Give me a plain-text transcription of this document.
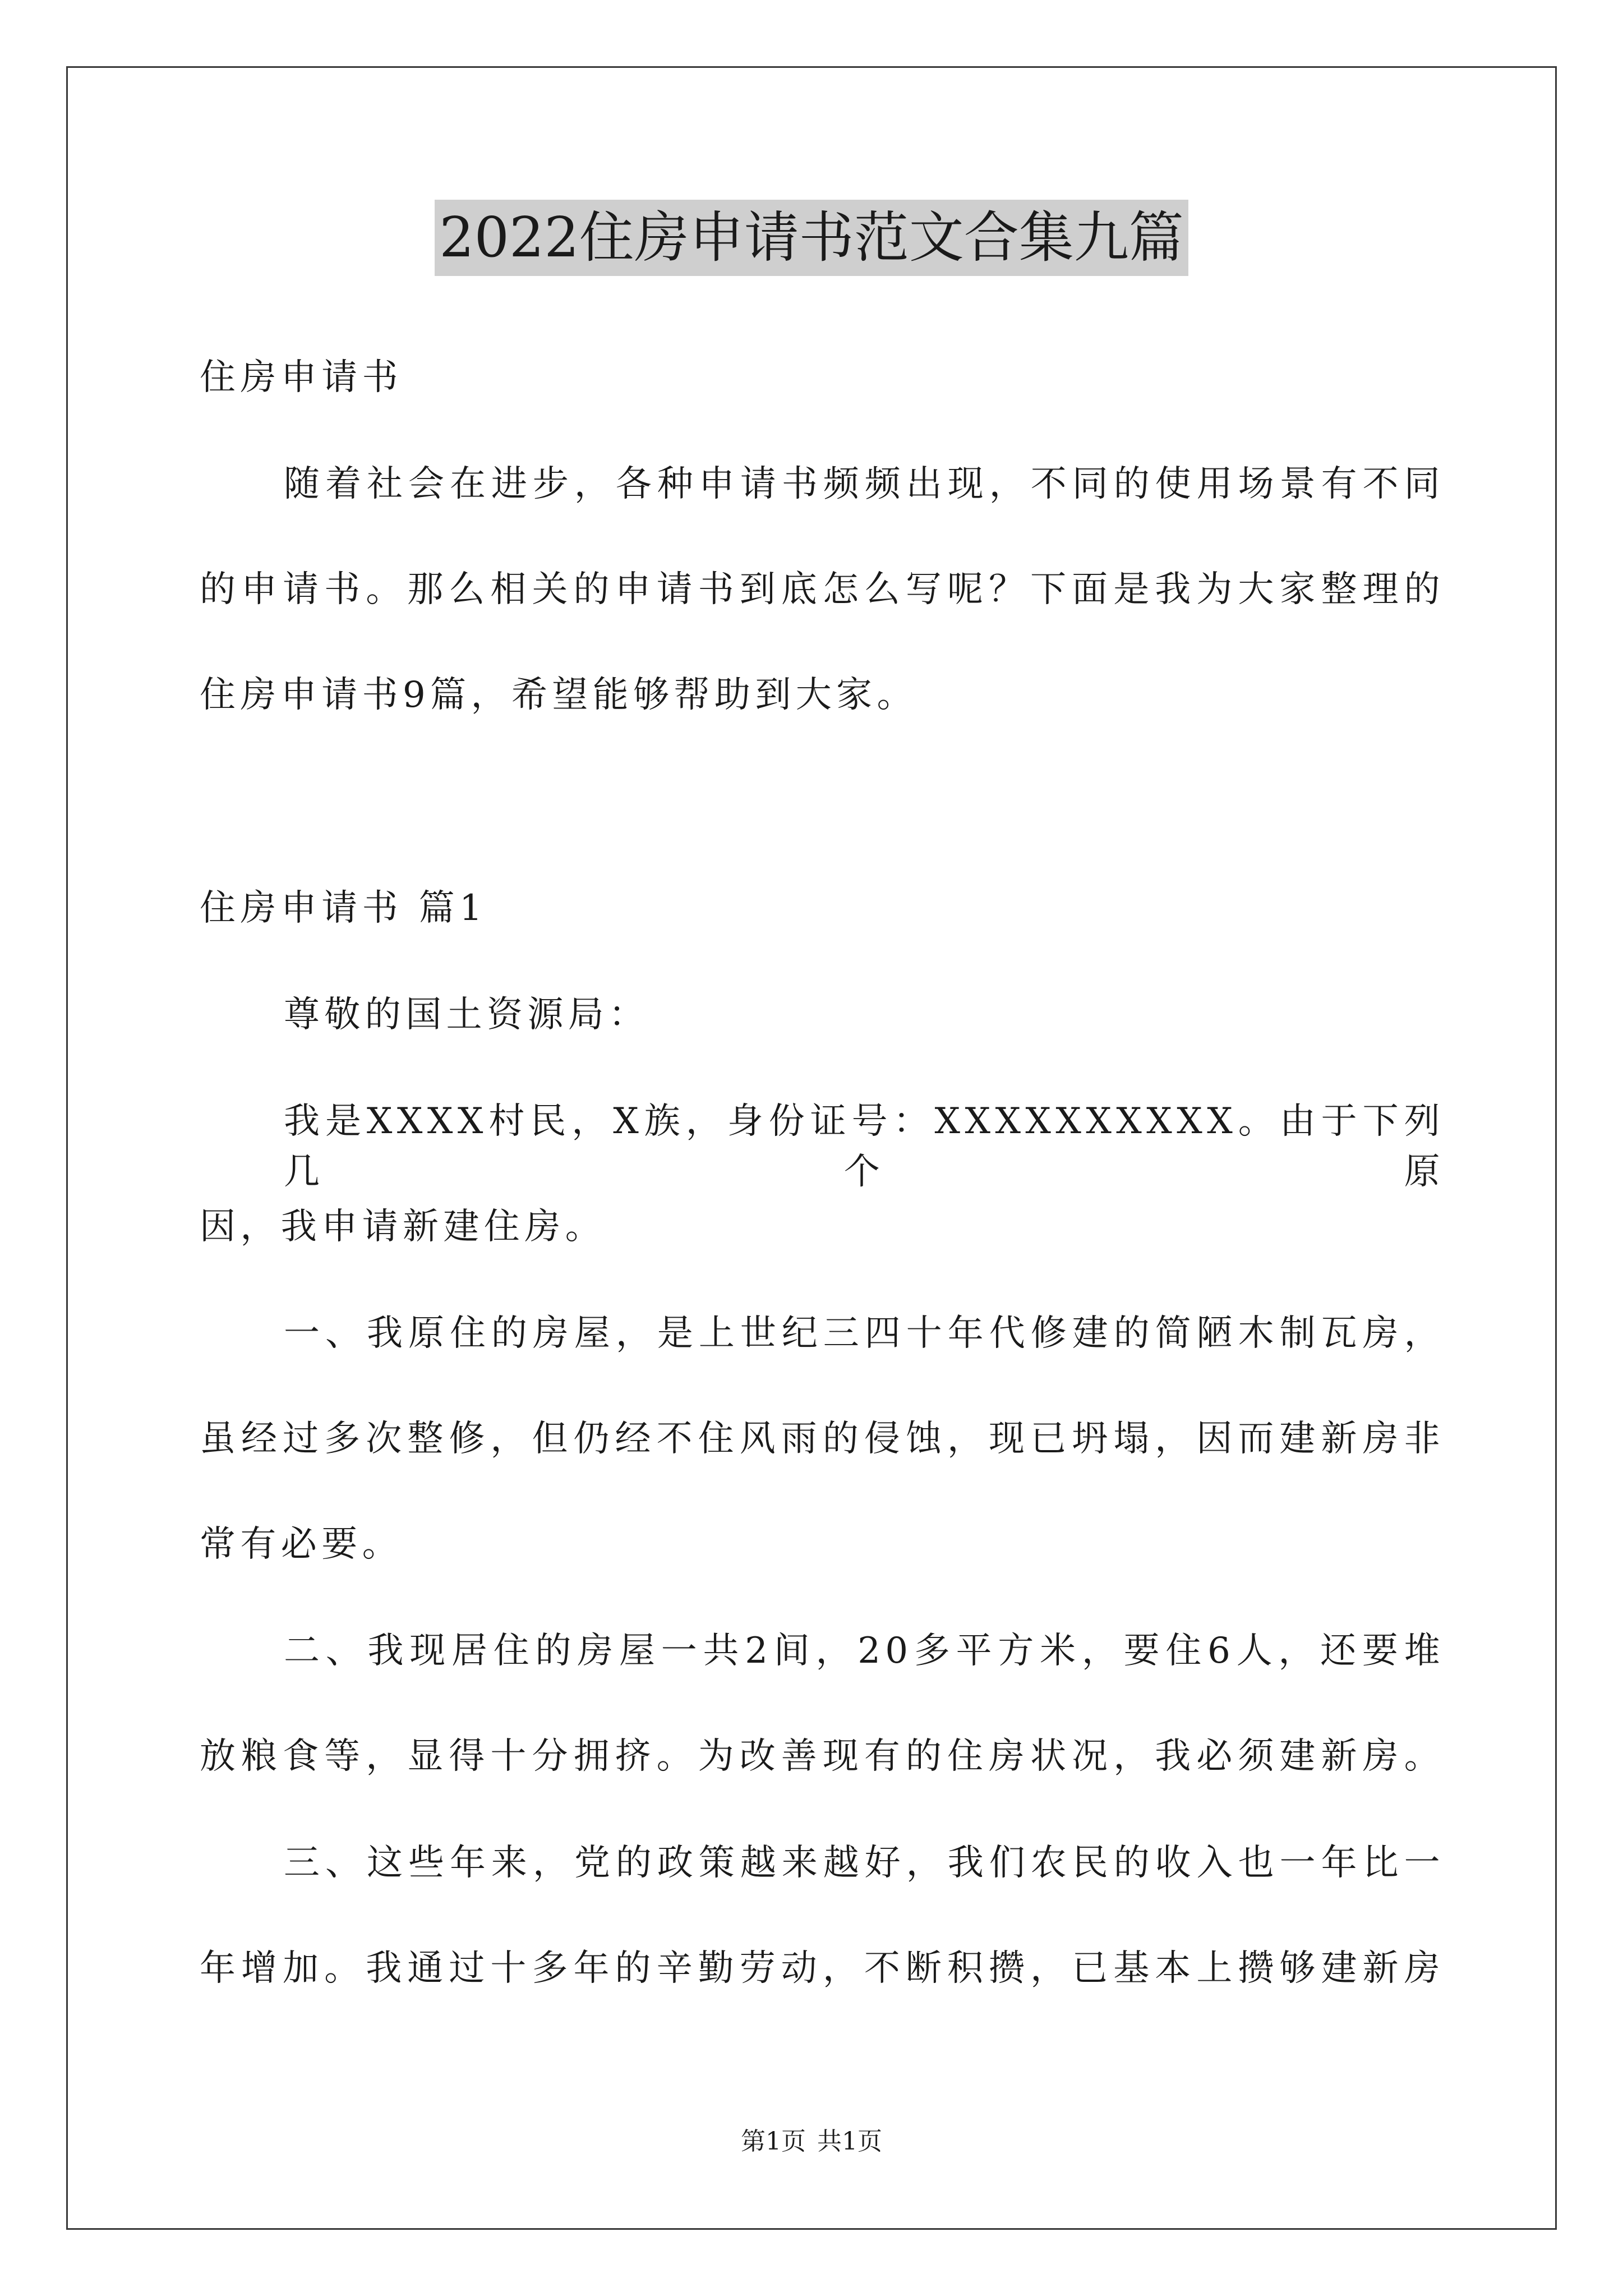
2022住房申请书范文合集九篇
住房申请书
随着社会在进步，各种申请书频频出现，不同的使用场景有不同
的申请书。那么相关的申请书到底怎么写呢？下面是我为大家整理的
住房申请书9篇，希望能够帮助到大家。
住房申请书 篇1
尊敬的国土资源局：
我是XXXX村民，X族，身份证号：XXXXXXXXXX。由于下列几个原
因，我申请新建住房。
一、我原住的房屋，是上世纪三四十年代修建的简陋木制瓦房，
虽经过多次整修，但仍经不住风雨的侵蚀，现已坍塌，因而建新房非
常有必要。
二、我现居住的房屋一共2间，20多平方米，要住6人，还要堆
放粮食等，显得十分拥挤。为改善现有的住房状况，我必须建新房。
三、这些年来，党的政策越来越好，我们农民的收入也一年比一
年增加。我通过十多年的辛勤劳动，不断积攒，已基本上攒够建新房
第1页 共1页
